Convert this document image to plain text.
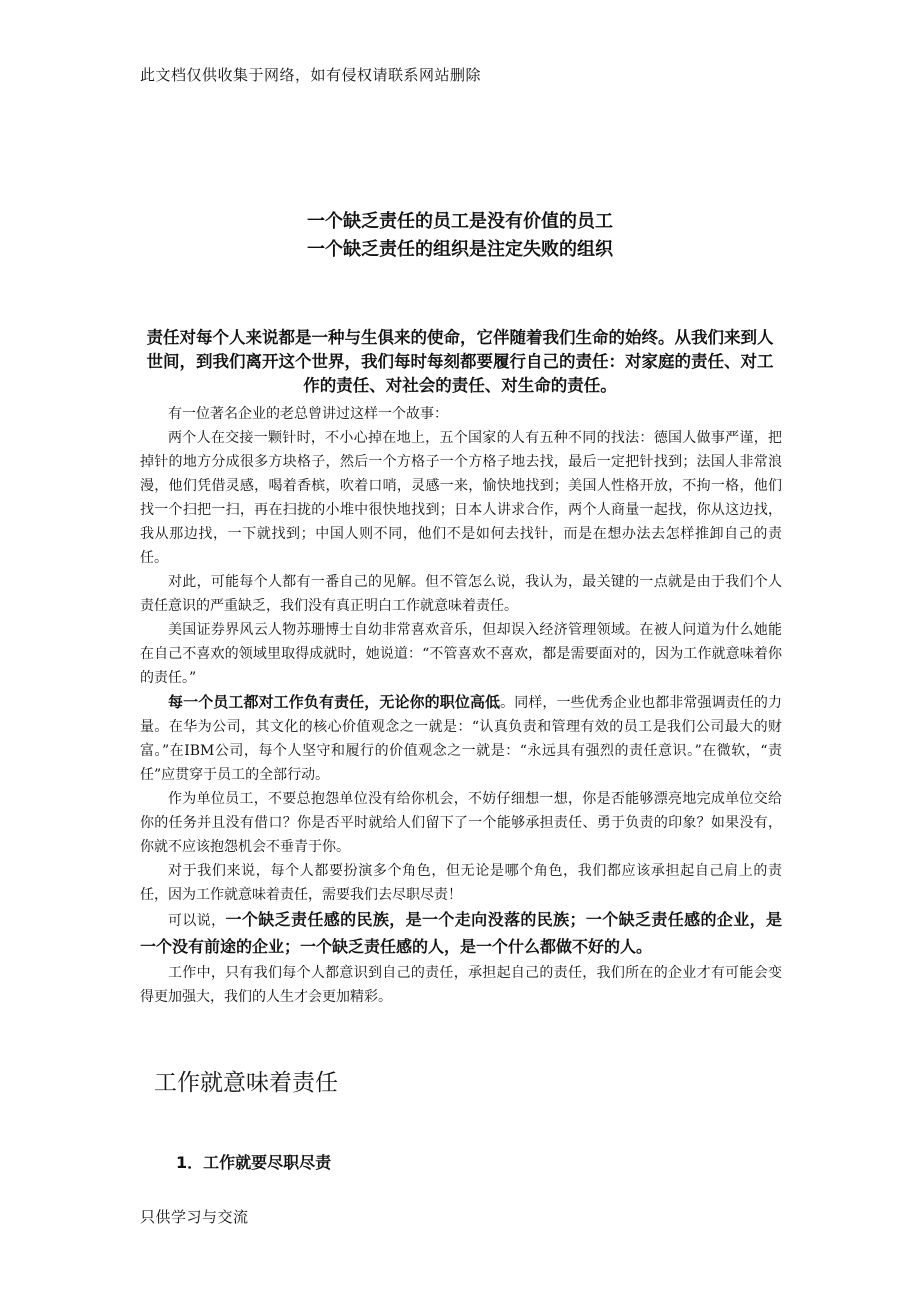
此文档仅供收集于网络，如有侵权请联系网站删除
一个缺乏责任的员工是没有价值的员工
一个缺乏责任的组织是注定失败的组织
责任对每个人来说都是一种与生俱来的使命，它伴随着我们生命的始终。从我们来到人世间，到我们离开这个世界，我们每时每刻都要履行自己的责任：对家庭的责任、对工作的责任、对社会的责任、对生命的责任。

有一位著名企业的老总曾讲过这样一个故事：

两个人在交接一颗针时，不小心掉在地上，五个国家的人有五种不同的找法：德国人做事严谨，把掉针的地方分成很多方块格子，然后一个方格子一个方格子地去找，最后一定把针找到；法国人非常浪漫，他们凭借灵感，喝着香槟，吹着口哨，灵感一来，愉快地找到；美国人性格开放，不拘一格，他们找一个扫把一扫，再在扫拢的小堆中很快地找到；日本人讲求合作，两个人商量一起找，你从这边找，我从那边找，一下就找到；中国人则不同，他们不是如何去找针，而是在想办法去怎样推卸自己的责任。

对此，可能每个人都有一番自己的见解。但不管怎么说，我认为，最关键的一点就是由于我们个人责任意识的严重缺乏，我们没有真正明白工作就意味着责任。

美国证券界风云人物苏珊博士自幼非常喜欢音乐，但却误入经济管理领域。在被人问道为什么她能在自己不喜欢的领域里取得成就时，她说道：“不管喜欢不喜欢，都是需要面对的，因为工作就意味着你的责任。”

每一个员工都对工作负有责任，无论你的职位高低。同样，一些优秀企业也都非常强调责任的力量。在华为公司，其文化的核心价值观念之一就是：“认真负责和管理有效的员工是我们公司最大的财富。”在IBM公司，每个人坚守和履行的价值观念之一就是：“永远具有强烈的责任意识。”在微软，“责任”应贯穿于员工的全部行动。

作为单位员工，不要总抱怨单位没有给你机会，不妨仔细想一想，你是否能够漂亮地完成单位交给你的任务并且没有借口？你是否平时就给人们留下了一个能够承担责任、勇于负责的印象？如果没有，你就不应该抱怨机会不垂青于你。

对于我们来说，每个人都要扮演多个角色，但无论是哪个角色，我们都应该承担起自己肩上的责任，因为工作就意味着责任，需要我们去尽职尽责！

可以说，一个缺乏责任感的民族，是一个走向没落的民族；一个缺乏责任感的企业，是一个没有前途的企业；一个缺乏责任感的人，是一个什么都做不好的人。

工作中，只有我们每个人都意识到自己的责任，承担起自己的责任，我们所在的企业才有可能会变得更加强大，我们的人生才会更加精彩。

工作就意味着责任
1．工作就要尽职尽责
只供学习与交流
